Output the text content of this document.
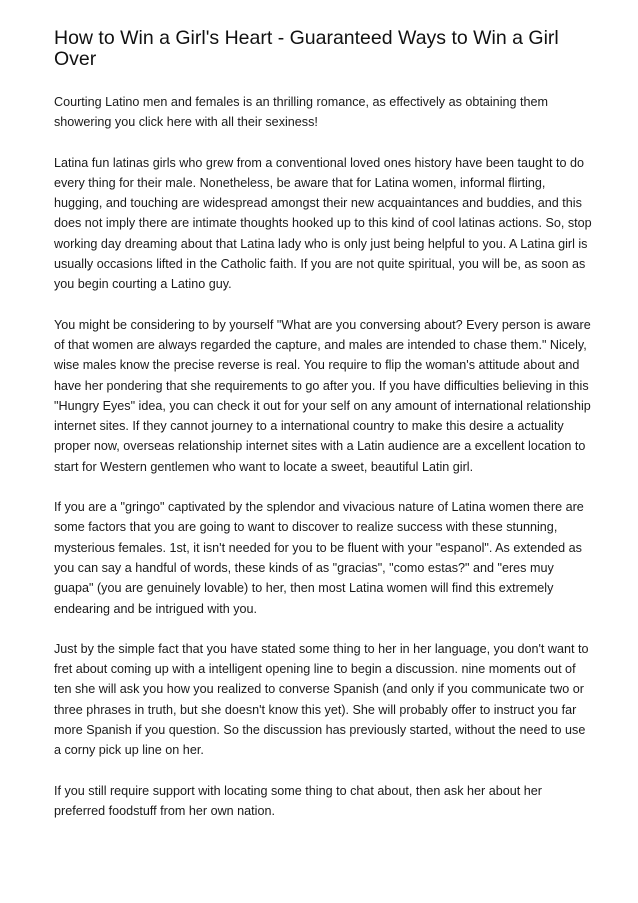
How to Win a Girl's Heart - Guaranteed Ways to Win a Girl Over

Courting Latino men and females is an thrilling romance, as effectively as obtaining them showering you click here with all their sexiness!

Latina fun latinas girls who grew from a conventional loved ones history have been taught to do every thing for their male. Nonetheless, be aware that for Latina women, informal flirting, hugging, and touching are widespread amongst their new acquaintances and buddies, and this does not imply there are intimate thoughts hooked up to this kind of cool latinas actions. So, stop working day dreaming about that Latina lady who is only just being helpful to you. A Latina girl is usually occasions lifted in the Catholic faith. If you are not quite spiritual, you will be, as soon as you begin courting a Latino guy.

You might be considering to by yourself "What are you conversing about? Every person is aware of that women are always regarded the capture, and males are intended to chase them." Nicely, wise males know the precise reverse is real. You require to flip the woman's attitude about and have her pondering that she requirements to go after you. If you have difficulties believing in this "Hungry Eyes" idea, you can check it out for your self on any amount of international relationship internet sites. If they cannot journey to a international country to make this desire a actuality proper now, overseas relationship internet sites with a Latin audience are a excellent location to start for Western gentlemen who want to locate a sweet, beautiful Latin girl.

If you are a "gringo" captivated by the splendor and vivacious nature of Latina women there are some factors that you are going to want to discover to realize success with these stunning, mysterious females. 1st, it isn't needed for you to be fluent with your "espanol". As extended as you can say a handful of words, these kinds of as "gracias", "como estas?" and "eres muy guapa" (you are genuinely lovable) to her, then most Latina women will find this extremely endearing and be intrigued with you.

Just by the simple fact that you have stated some thing to her in her language, you don't want to fret about coming up with a intelligent opening line to begin a discussion. nine moments out of ten she will ask you how you realized to converse Spanish (and only if you communicate two or three phrases in truth, but she doesn't know this yet). She will probably offer to instruct you far more Spanish if you question. So the discussion has previously started, without the need to use a corny pick up line on her.

If you still require support with locating some thing to chat about, then ask her about her preferred foodstuff from her own nation.
